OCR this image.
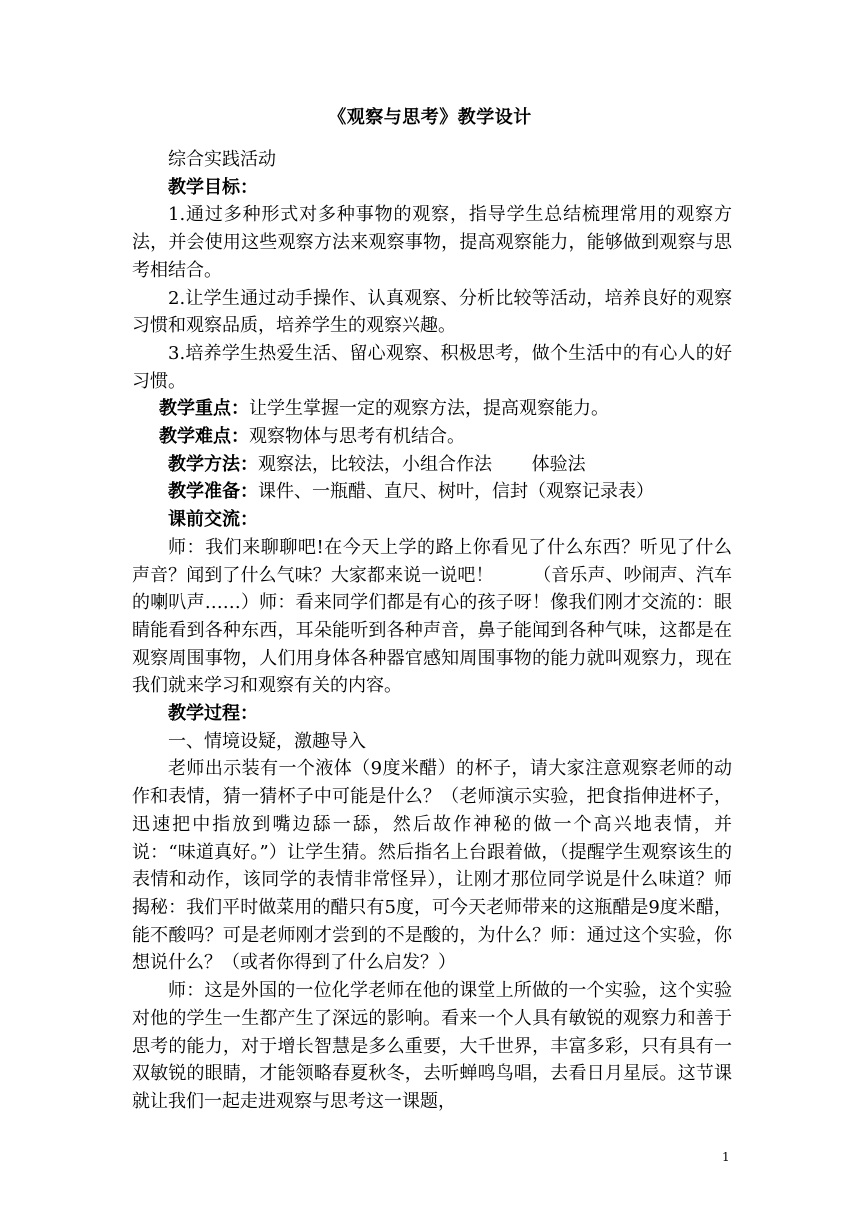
《观察与思考》教学设计

综合实践活动

教学目标：

1.通过多种形式对多种事物的观察，指导学生总结梳理常用的观察方法，并会使用这些观察方法来观察事物，提高观察能力，能够做到观察与思考相结合。

2.让学生通过动手操作、认真观察、分析比较等活动，培养良好的观察习惯和观察品质，培养学生的观察兴趣。

3.培养学生热爱生活、留心观察、积极思考，做个生活中的有心人的好习惯。

教学重点：让学生掌握一定的观察方法，提高观察能力。

教学难点：观察物体与思考有机结合。

教学方法：观察法，比较法，小组合作法 体验法

教学准备：课件、一瓶醋、直尺、树叶，信封（观察记录表）

课前交流：

师：我们来聊聊吧!在今天上学的路上你看见了什么东西？听见了什么声音？闻到了什么气味？大家都来说一说吧！ （音乐声、吵闹声、汽车的喇叭声……）师：看来同学们都是有心的孩子呀！像我们刚才交流的：眼睛能看到各种东西，耳朵能听到各种声音，鼻子能闻到各种气味，这都是在观察周围事物，人们用身体各种器官感知周围事物的能力就叫观察力，现在我们就来学习和观察有关的内容。

教学过程：

一、情境设疑，激趣导入

老师出示装有一个液体（9度米醋）的杯子，请大家注意观察老师的动作和表情，猜一猜杯子中可能是什么？（老师演示实验，把食指伸进杯子，迅速把中指放到嘴边舔一舔，然后故作神秘的做一个高兴地表情，并说：“味道真好。”）让学生猜。然后指名上台跟着做，（提醒学生观察该生的表情和动作，该同学的表情非常怪异），让刚才那位同学说是什么味道？师揭秘：我们平时做菜用的醋只有5度，可今天老师带来的这瓶醋是9度米醋，能不酸吗？可是老师刚才尝到的不是酸的，为什么？师：通过这个实验，你想说什么？（或者你得到了什么启发？）

师：这是外国的一位化学老师在他的课堂上所做的一个实验，这个实验对他的学生一生都产生了深远的影响。看来一个人具有敏锐的观察力和善于思考的能力，对于增长智慧是多么重要，大千世界，丰富多彩，只有具有一双敏锐的眼睛，才能领略春夏秋冬，去听蝉鸣鸟唱，去看日月星辰。这节课就让我们一起走进观察与思考这一课题，

1
